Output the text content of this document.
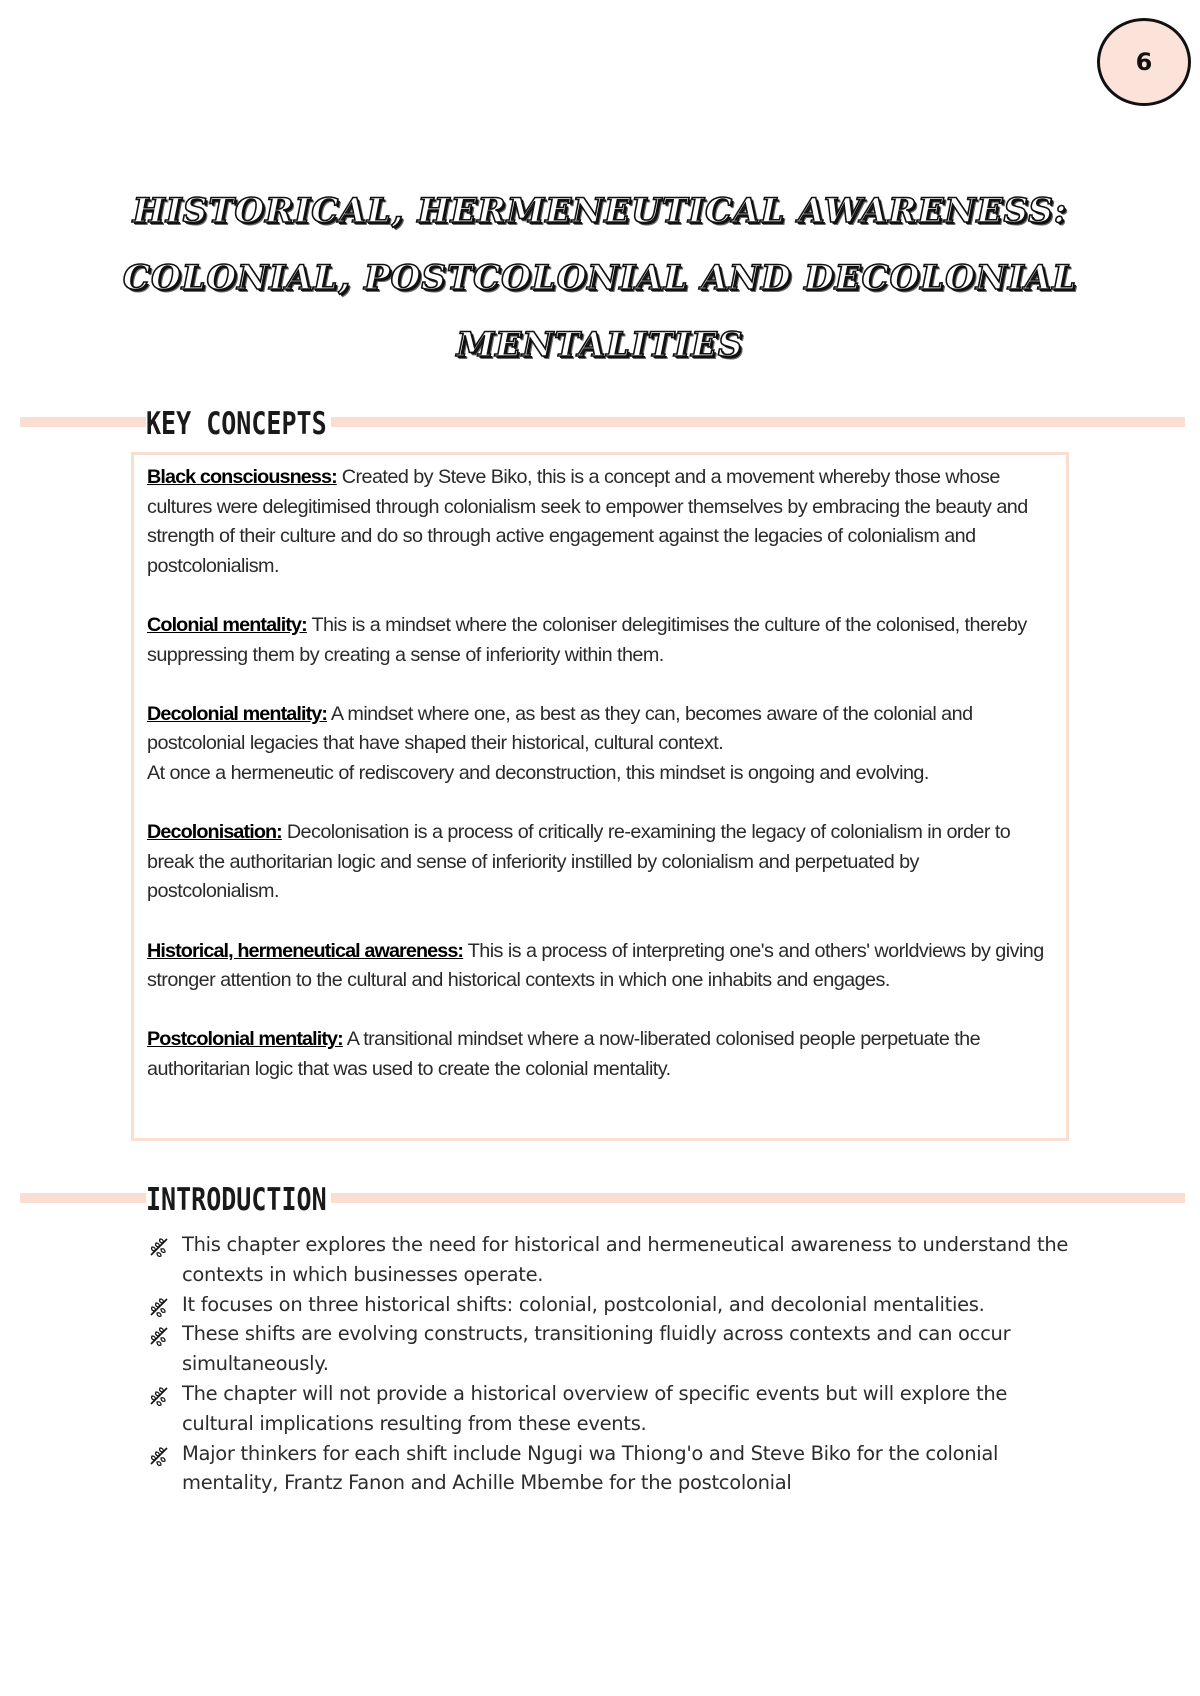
6
HISTORICAL, HERMENEUTICAL AWARENESS:
COLONIAL, POSTCOLONIAL AND DECOLONIAL
MENTALITIES
KEY CONCEPTS

Black consciousness: Created by Steve Biko, this is a concept and a movement whereby those whose cultures were delegitimised through colonialism seek to empower themselves by embracing the beauty and strength of their culture and do so through active engagement against the legacies of colonialism and postcolonialism.

Colonial mentality: This is a mindset where the coloniser delegitimises the culture of the colonised, thereby suppressing them by creating a sense of inferiority within them.

Decolonial mentality: A mindset where one, as best as they can, becomes aware of the colonial and postcolonial legacies that have shaped their historical, cultural context.
At once a hermeneutic of rediscovery and deconstruction, this mindset is ongoing and evolving.

Decolonisation: Decolonisation is a process of critically re-examining the legacy of colonialism in order to break the authoritarian logic and sense of inferiority instilled by colonialism and perpetuated by postcolonialism.

Historical, hermeneutical awareness: This is a process of interpreting one's and others' worldviews by giving stronger attention to the cultural and historical contexts in which one inhabits and engages.

Postcolonial mentality: A transitional mindset where a now-liberated colonised people perpetuate the authoritarian logic that was used to create the colonial mentality.

INTRODUCTION
This chapter explores the need for historical and hermeneutical awareness to understand the contexts in which businesses operate.
It focuses on three historical shifts: colonial, postcolonial, and decolonial mentalities.
These shifts are evolving constructs, transitioning fluidly across contexts and can occur simultaneously.
The chapter will not provide a historical overview of specific events but will explore the cultural implications resulting from these events.
Major thinkers for each shift include Ngugi wa Thiong'o and Steve Biko for the colonial mentality, Frantz Fanon and Achille Mbembe for the postcolonial
